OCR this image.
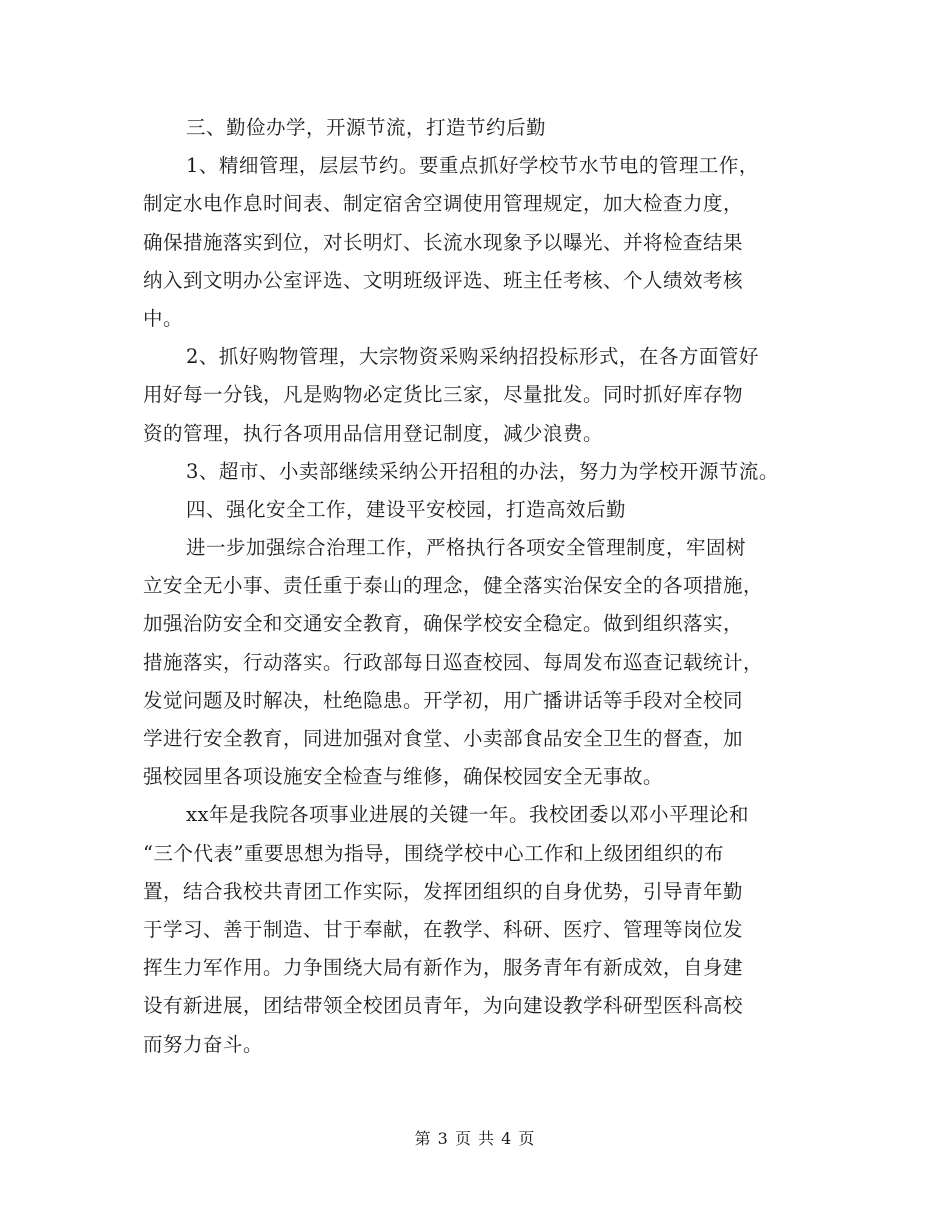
三、勤俭办学，开源节流，打造节约后勤
1、精细管理，层层节约。要重点抓好学校节水节电的管理工作，
制定水电作息时间表、制定宿舍空调使用管理规定，加大检查力度，
确保措施落实到位，对长明灯、长流水现象予以曝光、并将检查结果
纳入到文明办公室评选、文明班级评选、班主任考核、个人绩效考核
中。
2、抓好购物管理，大宗物资采购采纳招投标形式，在各方面管好
用好每一分钱，凡是购物必定货比三家，尽量批发。同时抓好库存物
资的管理，执行各项用品信用登记制度，减少浪费。
3、超市、小卖部继续采纳公开招租的办法，努力为学校开源节流。
四、强化安全工作，建设平安校园，打造高效后勤
进一步加强综合治理工作，严格执行各项安全管理制度，牢固树
立安全无小事、责任重于泰山的理念，健全落实治保安全的各项措施，
加强治防安全和交通安全教育，确保学校安全稳定。做到组织落实，
措施落实，行动落实。行政部每日巡查校园、每周发布巡查记载统计，
发觉问题及时解决，杜绝隐患。开学初，用广播讲话等手段对全校同
学进行安全教育，同进加强对食堂、小卖部食品安全卫生的督查，加
强校园里各项设施安全检查与维修，确保校园安全无事故。
xx年是我院各项事业进展的关键一年。我校团委以邓小平理论和
“三个代表”重要思想为指导，围绕学校中心工作和上级团组织的布
置，结合我校共青团工作实际，发挥团组织的自身优势，引导青年勤
于学习、善于制造、甘于奉献，在教学、科研、医疗、管理等岗位发
挥生力军作用。力争围绕大局有新作为，服务青年有新成效，自身建
设有新进展，团结带领全校团员青年，为向建设教学科研型医科高校
而努力奋斗。
第 3 页 共 4 页
